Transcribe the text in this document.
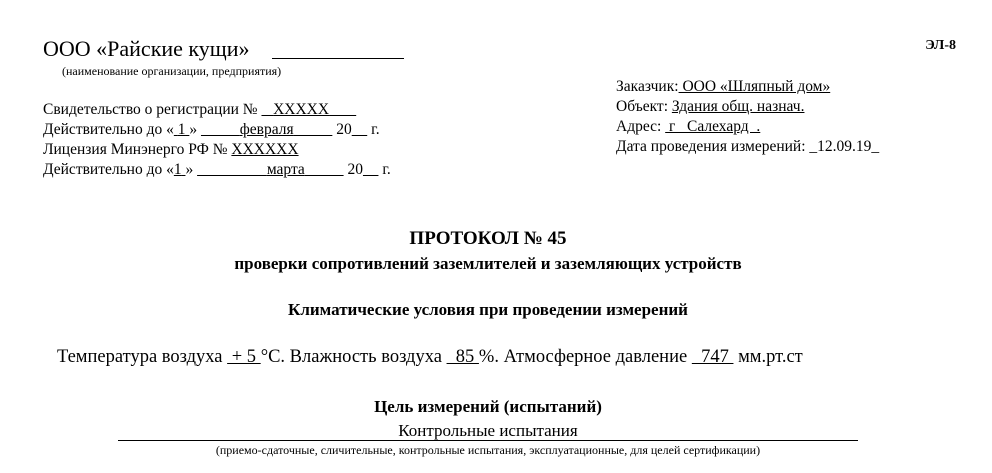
ЭЛ-8
ООО «Райские кущи»
(наименование организации, предприятия)
Свидетельство о регистрации №    XXXXX
Действительно до « 1 »	февраля	20     г.
Лицензия Минэнерго РФ № XXXXXX
Действительно до «1 »	марта	20     г.
Заказчик: ООО «Шляпный дом»
Объект: Здания общ. назнач.
Адрес:  г   Салехард  .
Дата проведения измерений: _12.09.19_
ПРОТОКОЛ № 45
проверки сопротивлений заземлителей и заземляющих устройств
Климатические условия при проведении измерений
Температура воздуха  + 5 °С. Влажность воздуха   85 %. Атмосферное давление   747  мм.рт.ст
Цель измерений (испытаний)
Контрольные испытания
(приемо-сдаточные, сличительные, контрольные испытания, эксплуатационные, для целей сертификации)
